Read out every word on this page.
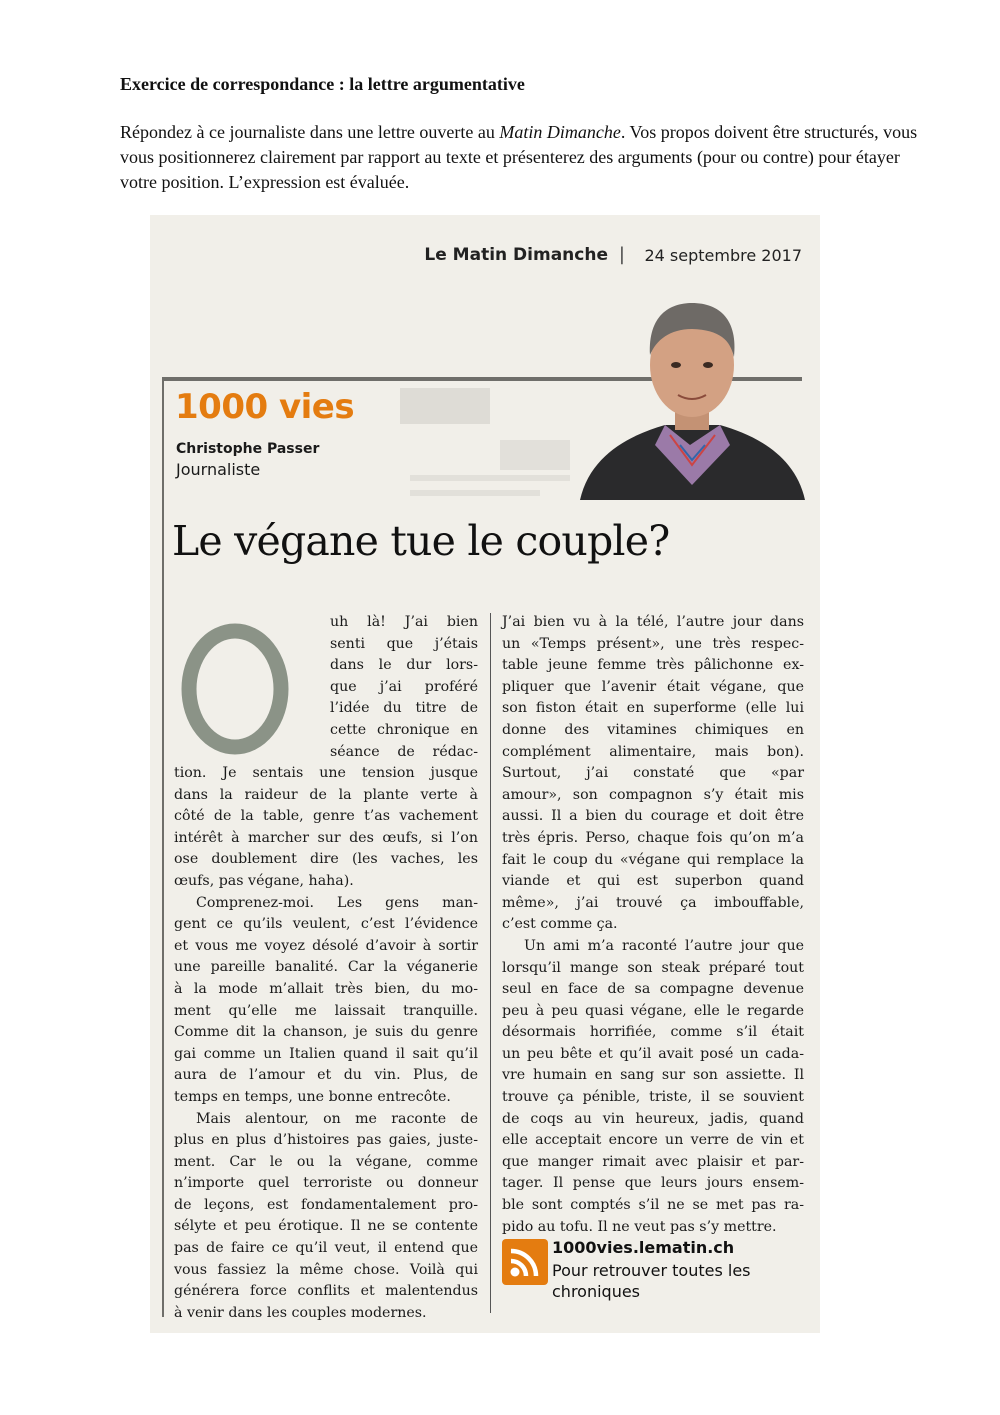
Exercice de correspondance : la lettre argumentative
Répondez à ce journaliste dans une lettre ouverte au Matin Dimanche. Vos propos doivent être structurés, vous vous positionnerez clairement par rapport au texte et présenterez des arguments (pour ou contre) pour étayer votre position. L’expression est évaluée.
Le Matin Dimanche | 24 septembre 2017
1000 vies
Christophe Passer
Journaliste
Le végane tue le couple?
uh là! J’ai bien
senti que j’étais
dans le dur lors-
que j’ai proféré
l’idée du titre de
cette chronique en
séance de rédac-
tion. Je sentais une tension jusque
dans la raideur de la plante verte à
côté de la table, genre t’as vachement
intérêt à marcher sur des œufs, si l’on
ose doublement dire (les vaches, les
œufs, pas végane, haha).
Comprenez-moi. Les gens man-
gent ce qu’ils veulent, c’est l’évidence
et vous me voyez désolé d’avoir à sortir
une pareille banalité. Car la véganerie
à la mode m’allait très bien, du mo-
ment qu’elle me laissait tranquille.
Comme dit la chanson, je suis du genre
gai comme un Italien quand il sait qu’il
aura de l’amour et du vin. Plus, de
temps en temps, une bonne entrecôte.
Mais alentour, on me raconte de
plus en plus d’histoires pas gaies, juste-
ment. Car le ou la végane, comme
n’importe quel terroriste ou donneur
de leçons, est fondamentalement pro-
sélyte et peu érotique. Il ne se contente
pas de faire ce qu’il veut, il entend que
vous fassiez la même chose. Voilà qui
générera force conflits et malentendus
à venir dans les couples modernes.
J’ai bien vu à la télé, l’autre jour dans
un «Temps présent», une très respec-
table jeune femme très pâlichonne ex-
pliquer que l’avenir était végane, que
son fiston était en superforme (elle lui
donne des vitamines chimiques en
complément alimentaire, mais bon).
Surtout, j’ai constaté que «par
amour», son compagnon s’y était mis
aussi. Il a bien du courage et doit être
très épris. Perso, chaque fois qu’on m’a
fait le coup du «végane qui remplace la
viande et qui est superbon quand
même», j’ai trouvé ça imbouffable,
c’est comme ça.
Un ami m’a raconté l’autre jour que
lorsqu’il mange son steak préparé tout
seul en face de sa compagne devenue
peu à peu quasi végane, elle le regarde
désormais horrifiée, comme s’il était
un peu bête et qu’il avait posé un cada-
vre humain en sang sur son assiette. Il
trouve ça pénible, triste, il se souvient
de coqs au vin heureux, jadis, quand
elle acceptait encore un verre de vin et
que manger rimait avec plaisir et par-
tager. Il pense que leurs jours ensem-
ble sont comptés s’il ne se met pas ra-
pido au tofu. Il ne veut pas s’y mettre.
1000vies.lematin.ch
Pour retrouver toutes les chroniques
